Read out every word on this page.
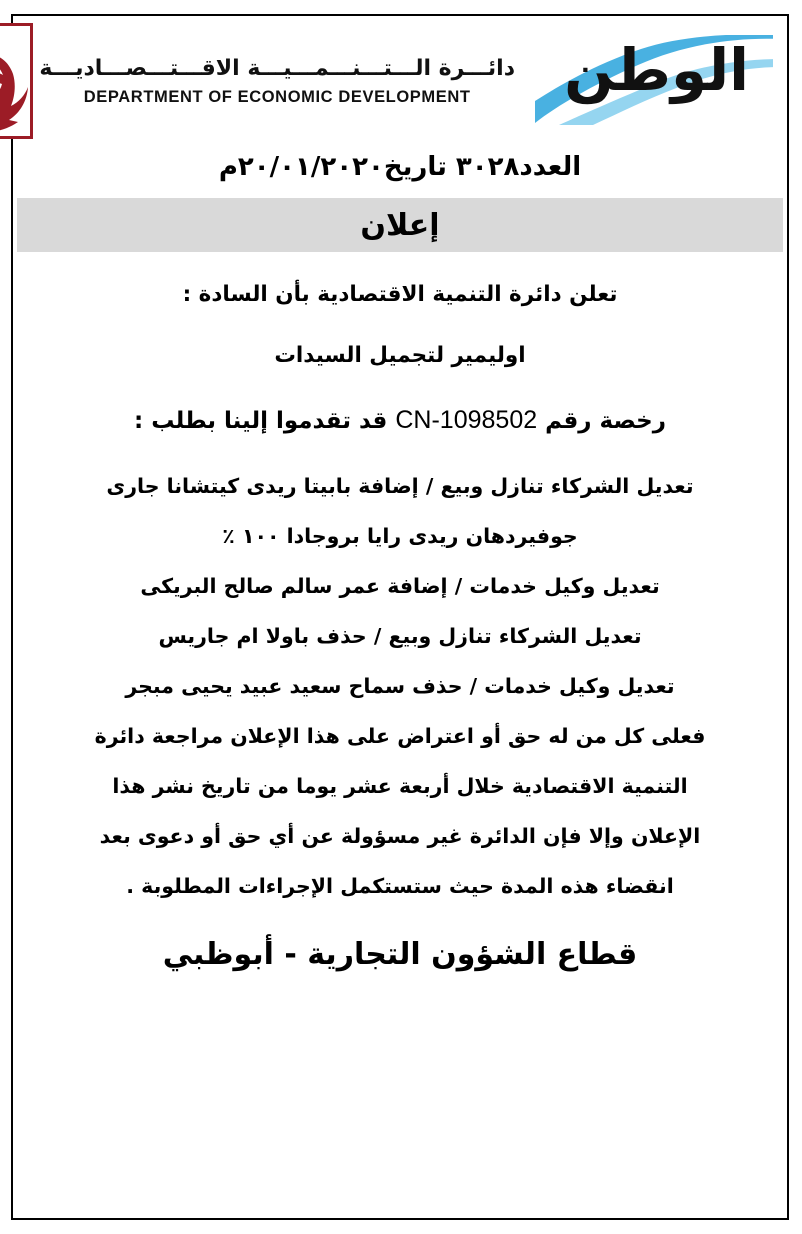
الوطن
دائـــرة الـــتـــنـــمـــيـــة الاقـــتـــصـــاديـــة
DEPARTMENT OF ECONOMIC DEVELOPMENT
العدد٣٠٢٨ تاريخ٢٠/٠١/٢٠٢٠م
إعلان

تعلن دائرة التنمية الاقتصادية بأن السادة :

اوليمير لتجميل السيدات

رخصة رقم CN-1098502 قد تقدموا إلينا بطلب :

تعديل الشركاء تنازل وبيع / إضافة بابيتا ريدى كيتشانا جارى

جوفيردهان ريدى رايا بروجادا ١٠٠ ٪

تعديل وكيل خدمات / إضافة عمر سالم صالح البريكى

تعديل الشركاء تنازل وبيع / حذف باولا ام جاريس

تعديل وكيل خدمات / حذف سماح سعيد عبيد يحيى مبجر

فعلى كل من له حق أو اعتراض على هذا الإعلان مراجعة دائرة

التنمية الاقتصادية خلال أربعة عشر يوما من تاريخ نشر هذا

الإعلان وإلا فإن الدائرة غير مسؤولة عن أي حق أو دعوى بعد

انقضاء هذه المدة حيث ستستكمل الإجراءات المطلوبة .

قطاع الشؤون التجارية - أبوظبي
